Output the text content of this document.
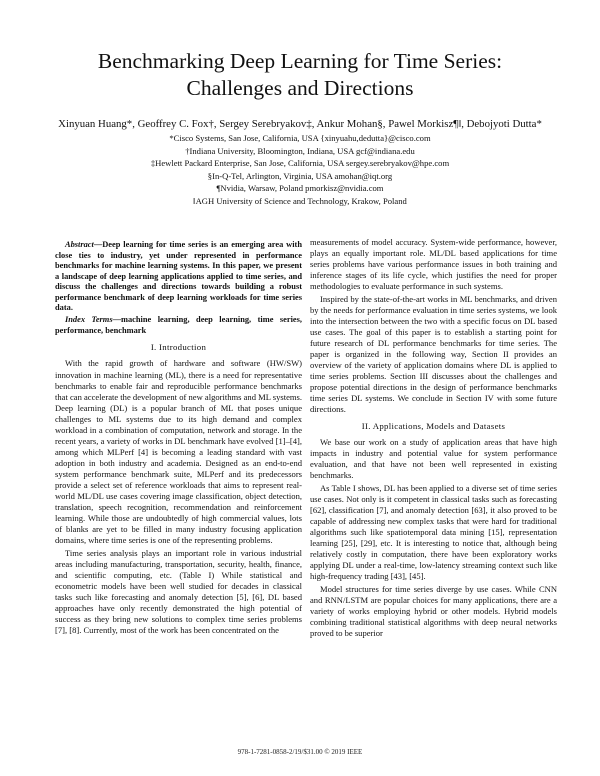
Benchmarking Deep Learning for Time Series:
Challenges and Directions
Xinyuan Huang*, Geoffrey C. Fox†, Sergey Serebryakov‡, Ankur Mohan§, Pawel Morkisz¶‖, Debojyoti Dutta*
*Cisco Systems, San Jose, California, USA {xinyuahu,dedutta}@cisco.com
†Indiana University, Bloomington, Indiana, USA gcf@indiana.edu
‡Hewlett Packard Enterprise, San Jose, California, USA sergey.serebryakov@hpe.com
§In-Q-Tel, Arlington, Virginia, USA amohan@iqt.org
¶Nvidia, Warsaw, Poland pmorkisz@nvidia.com
‖AGH University of Science and Technology, Krakow, Poland

Abstract—Deep learning for time series is an emerging area with close ties to industry, yet under represented in performance benchmarks for machine learning systems. In this paper, we present a landscape of deep learning applications applied to time series, and discuss the challenges and directions towards building a robust performance benchmark of deep learning workloads for time series data.

Index Terms—machine learning, deep learning, time series, performance, benchmark

I. Introduction

With the rapid growth of hardware and software (HW/SW) innovation in machine learning (ML), there is a need for representative benchmarks to enable fair and reproducible performance benchmarks that can accelerate the development of new algorithms and ML systems. Deep learning (DL) is a popular branch of ML that poses unique challenges to ML systems due to its high demand and complex workload in a combination of computation, network and storage. In the recent years, a variety of works in DL benchmark have evolved [1]–[4], among which MLPerf [4] is becoming a leading standard with vast adoption in both industry and academia. Designed as an end-to-end system performance benchmark suite, MLPerf and its predecessors provide a select set of reference workloads that aims to represent real-world ML/DL use cases covering image classification, object detection, translation, speech recognition, recommendation and reinforcement learning. While those are undoubtedly of high commercial values, lots of blanks are yet to be filled in many industry focusing application domains, where time series is one of the representing problems.

Time series analysis plays an important role in various industrial areas including manufacturing, transportation, security, health, finance, and scientific computing, etc. (Table I) While statistical and econometric models have been well studied for decades in classical tasks such like forecasting and anomaly detection [5], [6], DL based approaches have only recently demonstrated the high potential of success as they bring new solutions to complex time series problems [7], [8]. Currently, most of the work has been concentrated on the

measurements of model accuracy. System-wide performance, however, plays an equally important role. ML/DL based applications for time series problems have various performance issues in both training and inference stages of its life cycle, which justifies the need for proper methodologies to evaluate performance in such systems.

Inspired by the state-of-the-art works in ML benchmarks, and driven by the needs for performance evaluation in time series systems, we look into the intersection between the two with a specific focus on DL based use cases. The goal of this paper is to establish a starting point for future research of DL performance benchmarks for time series. The paper is organized in the following way, Section II provides an overview of the variety of application domains where DL is applied to time series problems. Section III discusses about the challenges and propose potential directions in the design of performance benchmarks time series DL systems. We conclude in Section IV with some future directions.

II. Applications, Models and Datasets

We base our work on a study of application areas that have high impacts in industry and potential value for system performance evaluation, and that have not been well represented in existing benchmarks.

As Table I shows, DL has been applied to a diverse set of time series use cases. Not only is it competent in classical tasks such as forecasting [62], classification [7], and anomaly detection [63], it also proved to be capable of addressing new complex tasks that were hard for traditional algorithms such like spatiotemporal data mining [15], representation learning [25], [29], etc. It is interesting to notice that, although being relatively costly in computation, there have been exploratory works applying DL under a real-time, low-latency streaming context such like high-frequency trading [43], [45].

Model structures for time series diverge by use cases. While CNN and RNN/LSTM are popular choices for many applications, there are a variety of works employing hybrid or other models. Hybrid models combining traditional statistical algorithms with deep neural networks proved to be superior

978-1-7281-0858-2/19/$31.00 © 2019 IEEE
